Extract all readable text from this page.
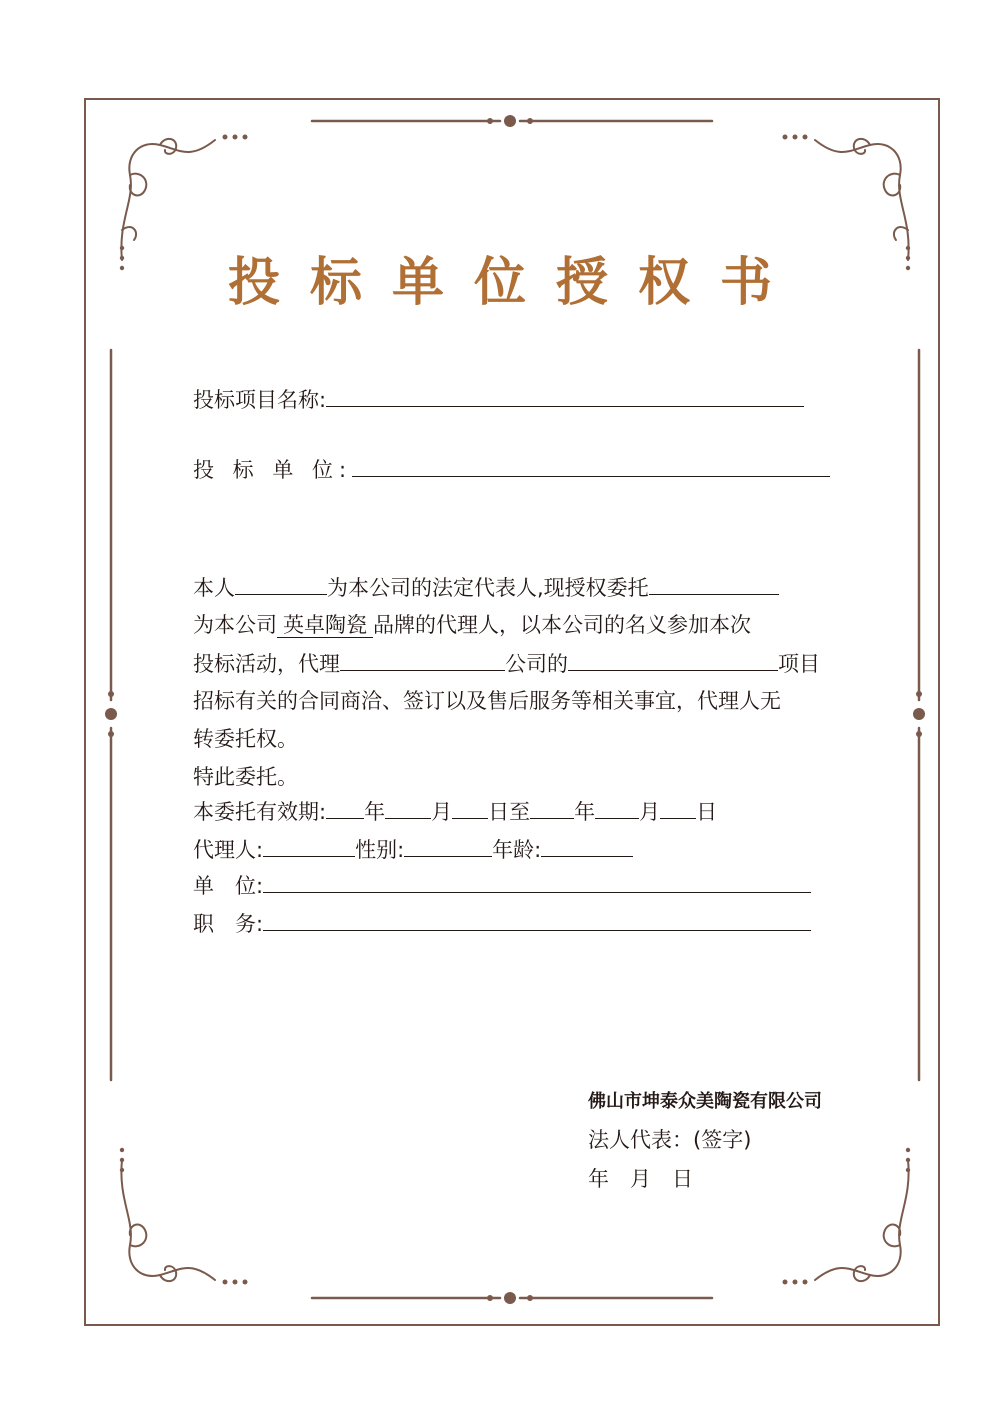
投标单位授权书
投标项目名称:
投 标 单 位:
本人	为本公司的法定代表人,现授权委托
为本公司 英卓陶瓷 品牌的代理人，以本公司的名义参加本次
投标活动，代理	公司的	项目
招标有关的合同商洽、签订以及售后服务等相关事宜，代理人无
转委托权。
特此委托。
本委托有效期: 年 月 日至 年 月 日
代理人:	性别:	年龄:
单　位:
职　务:
佛山市坤泰众美陶瓷有限公司
法人代表：(签字)
年　月　日
